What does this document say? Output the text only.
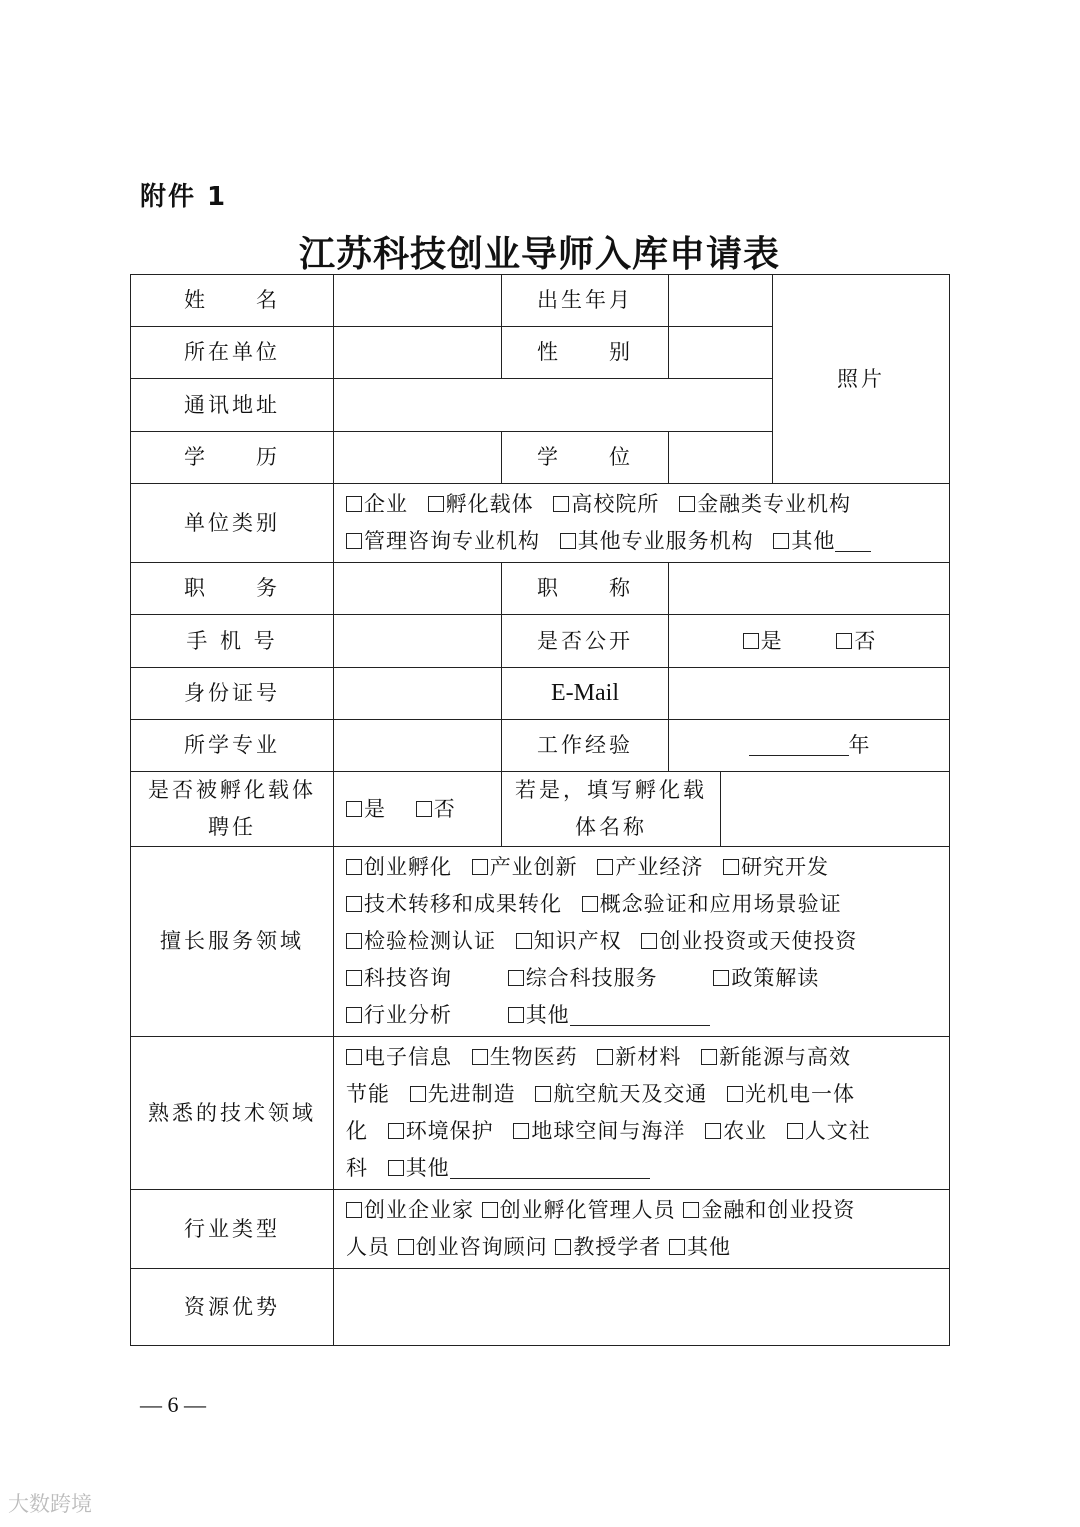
附件 1
江苏科技创业导师入库申请表
姓　　名		出生年月			照片
所在单位		性　　别			
通讯地址					
学　　历		学　　位			
单位类别	企业 孵化载体 高校院所 金融类专业机构
管理咨询专业机构 其他专业服务机构 其他				

职　　务		职　　称			
手 机 号		是否公开	是 否		
身份证号		E-Mail			
所学专业		工作经验	年		

是否被孵化载体
聘任	是 否	若是，填写孵化载
体名称			

擅长服务领域	创业孵化 产业创新 产业经济 研究开发
技术转移和成果转化 概念验证和应用场景验证
检验检测认证 知识产权 创业投资或天使投资
科技咨询 综合科技服务 政策解读
行业分析 其他				

熟悉的技术领域	电子信息 生物医药 新材料 新能源与高效
节能 先进制造 航空航天及交通 光机电一体
化 环境保护 地球空间与海洋 农业 人文社
科 其他				

行业类型	创业企业家 创业孵化管理人员 金融和创业投资
人员 创业咨询顾问 教授学者 其他				

资源优势					
— 6 —
大数跨境
